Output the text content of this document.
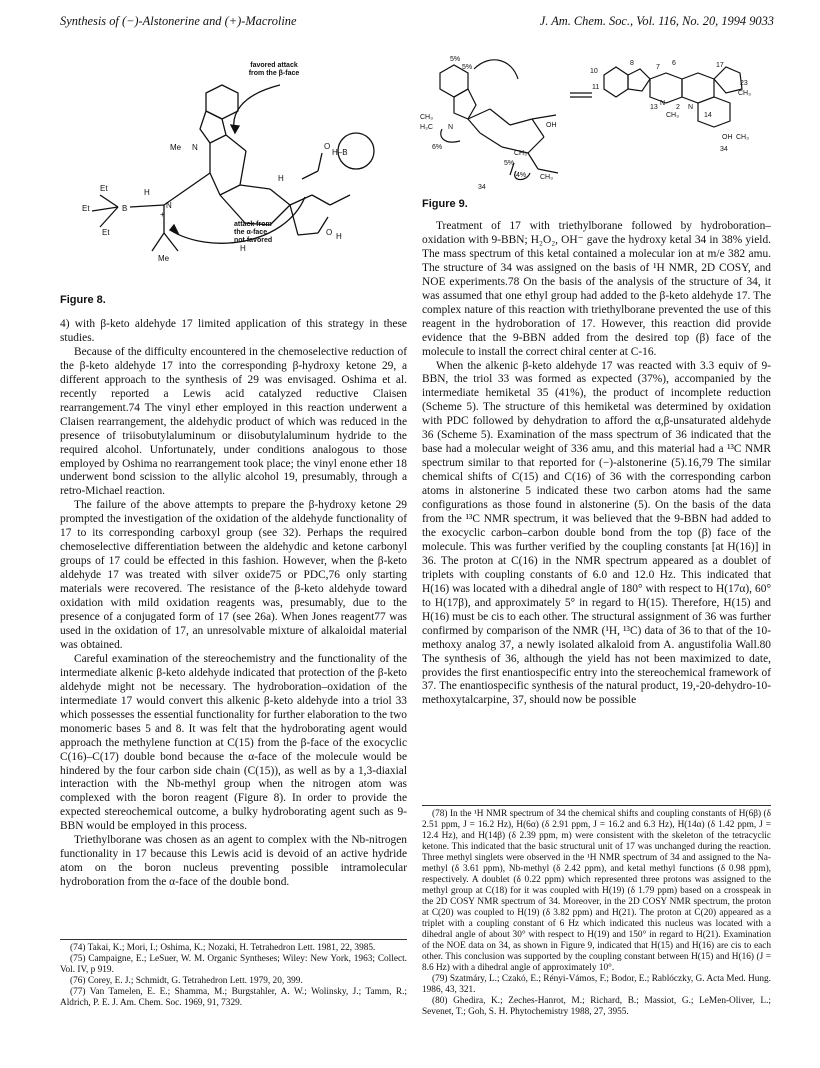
Synthesis of (−)-Alstonerine and (+)-Macroline	J. Am. Chem. Soc., Vol. 116, No. 20, 1994 9033
favored attack
from the β-face
attack from
the α-face
not favored
Me N
Et
Et
Et
B
H
N
+
Me
H
O
O H
H–B
H
Figure 8.
5%
5%
CH₃
H₃C N
6%
5%
4%
OH
CH₃
CH₃
34
10
11
8
7
6
N
2
13
CH₃
N
14
17
23
CH₃
OH CH₃
34
Figure 9.

4) with β-keto aldehyde 17 limited application of this strategy in these studies.

Because of the difficulty encountered in the chemoselective reduction of the β-keto aldehyde 17 into the corresponding β-hydroxy ketone 29, a different approach to the synthesis of 29 was envisaged. Oshima et al. recently reported a Lewis acid catalyzed reductive Claisen rearrangement.74 The vinyl ether employed in this reaction underwent a Claisen rearrangement, the aldehydic product of which was reduced in the presence of triisobutylaluminum or diisobutylaluminum hydride to the required alcohol. Unfortunately, under conditions analogous to those employed by Oshima no rearrangement took place; the vinyl enone ether 18 underwent bond scission to the allylic alcohol 19, presumably, through a retro-Michael reaction.

The failure of the above attempts to prepare the β-hydroxy ketone 29 prompted the investigation of the oxidation of the aldehyde functionality of 17 to its corresponding carboxyl group (see 32). Perhaps the required chemoselective differentiation between the aldehydic and ketone carbonyl groups of 17 could be effected in this fashion. However, when the β-keto aldehyde 17 was treated with silver oxide75 or PDC,76 only starting materials were recovered. The resistance of the β-keto aldehyde toward oxidation with mild oxidation reagents was, presumably, due to the presence of a conjugated form of 17 (see 26a). When Jones reagent77 was used in the oxidation of 17, an unresolvable mixture of alkaloidal material was obtained.

Careful examination of the stereochemistry and the functionality of the intermediate alkenic β-keto aldehyde indicated that protection of the β-keto aldehyde might not be necessary. The hydroboration–oxidation of the intermediate 17 would convert this alkenic β-keto aldehyde into a triol 33 which possesses the essential functionality for further elaboration to the two monomeric bases 5 and 8. It was felt that the hydroborating agent would approach the methylene function at C(15) from the β-face of the exocyclic C(16)–C(17) double bond because the α-face of the molecule would be hindered by the four carbon side chain (C(15)), as well as by a 1,3-diaxial interaction with the Nb-methyl group when the nitrogen atom was complexed with the boron reagent (Figure 8). In order to provide the expected stereochemical outcome, a bulky hydroborating agent such as 9-BBN would be employed in this process.

Triethylborane was chosen as an agent to complex with the Nb-nitrogen functionality in 17 because this Lewis acid is devoid of an active hydride atom on the boron nucleus preventing possible intramolecular hydroboration from the α-face of the double bond.

Treatment of 17 with triethylborane followed by hydroboration–oxidation with 9-BBN; H₂O₂, OH⁻ gave the hydroxy ketal 34 in 38% yield. The mass spectrum of this ketal contained a molecular ion at m/e 382 amu. The structure of 34 was assigned on the basis of ¹H NMR, 2D COSY, and NOE experiments.78 On the basis of the analysis of the structure of 34, it was assumed that one ethyl group had added to the β-keto aldehyde 17. The complex nature of this reaction with triethylborane prevented the use of this reagent in the hydroboration of 17. However, this reaction did provide evidence that the 9-BBN added from the desired top (β) face of the molecule to install the correct chiral center at C-16.

When the alkenic β-keto aldehyde 17 was reacted with 3.3 equiv of 9-BBN, the triol 33 was formed as expected (37%), accompanied by the intermediate hemiketal 35 (41%), the product of incomplete reduction (Scheme 5). The structure of this hemiketal was determined by oxidation with PDC followed by dehydration to afford the α,β-unsaturated aldehyde 36 (Scheme 5). Examination of the mass spectrum of 36 indicated that the base had a molecular weight of 336 amu, and this material had a ¹³C NMR spectrum similar to that reported for (−)-alstonerine (5).16,79 The similar chemical shifts of C(15) and C(16) of 36 with the corresponding carbon atoms in alstonerine 5 indicated these two carbon atoms had the same configurations as those found in alstonerine (5). On the basis of the data from the ¹³C NMR spectrum, it was believed that the 9-BBN had added to the exocyclic carbon–carbon double bond from the top (β) face of the molecule. This was further verified by the coupling constants [at H(16)] in 36. The proton at C(16) in the NMR spectrum appeared as a doublet of triplets with coupling constants of 6.0 and 12.0 Hz. This indicated that H(16) was located with a dihedral angle of 180° with respect to H(17α), 60° to H(17β), and approximately 5° in regard to H(15). Therefore, H(15) and H(16) must be cis to each other. The structural assignment of 36 was further confirmed by comparison of the NMR (¹H, ¹³C) data of 36 to that of the 10-methoxy analog 37, a newly isolated alkaloid from A. angustifolia Wall.80 The synthesis of 36, although the yield has not been maximized to date, provides the first enantiospecific entry into the stereochemical framework of 37. The enantiospecific synthesis of the natural product, 19,-20-dehydro-10-methoxytalcarpine, 37, should now be possible

(74) Takai, K.; Mori, I.; Oshima, K.; Nozaki, H. Tetrahedron Lett. 1981, 22, 3985.

(75) Campaigne, E.; LeSuer, W. M. Organic Syntheses; Wiley: New York, 1963; Collect. Vol. IV, p 919.

(76) Corey, E. J.; Schmidt, G. Tetrahedron Lett. 1979, 20, 399.

(77) Van Tamelen, E. E.; Shamma, M.; Burgstahler, A. W.; Wolinsky, J.; Tamm, R.; Aldrich, P. E. J. Am. Chem. Soc. 1969, 91, 7329.

(78) In the ¹H NMR spectrum of 34 the chemical shifts and coupling constants of H(6β) (δ 2.51 ppm, J = 16.2 Hz), H(6α) (δ 2.91 ppm, J = 16.2 and 6.3 Hz), H(14α) (δ 1.42 ppm, J = 12.4 Hz), and H(14β) (δ 2.39 ppm, m) were consistent with the skeleton of the tetracyclic ketone. This indicated that the basic structural unit of 17 was unchanged during the reaction. Three methyl singlets were observed in the ¹H NMR spectrum of 34 and assigned to the Na-methyl (δ 3.61 ppm), Nb-methyl (δ 2.42 ppm), and ketal methyl functions (δ 0.98 ppm), respectively. A doublet (δ 0.22 ppm) which represented three protons was assigned to the methyl group at C(18) for it was coupled with H(19) (δ 1.79 ppm) based on a crosspeak in the 2D COSY NMR spectrum of 34. Moreover, in the 2D COSY NMR spectrum, the proton at C(20) was coupled to H(19) (δ 3.82 ppm) and H(21). The proton at C(20) appeared as a triplet with a coupling constant of 6 Hz which indicated this nucleus was located with a dihedral angle of about 30° with respect to H(19) and 150° in regard to H(21). Examination of the NOE data on 34, as shown in Figure 9, indicated that H(15) and H(16) are cis to each other. This conclusion was supported by the coupling constant between H(15) and H(16) (J = 8.6 Hz) with a dihedral angle of approximately 10°.

(79) Szatmáry, L.; Czakó, E.; Rényi-Vámos, F.; Bodor, E.; Rablóczky, G. Acta Med. Hung. 1986, 43, 321.

(80) Ghedira, K.; Zeches-Hanrot, M.; Richard, B.; Massiot, G.; LeMen-Oliver, L.; Sevenet, T.; Goh, S. H. Phytochemistry 1988, 27, 3955.
